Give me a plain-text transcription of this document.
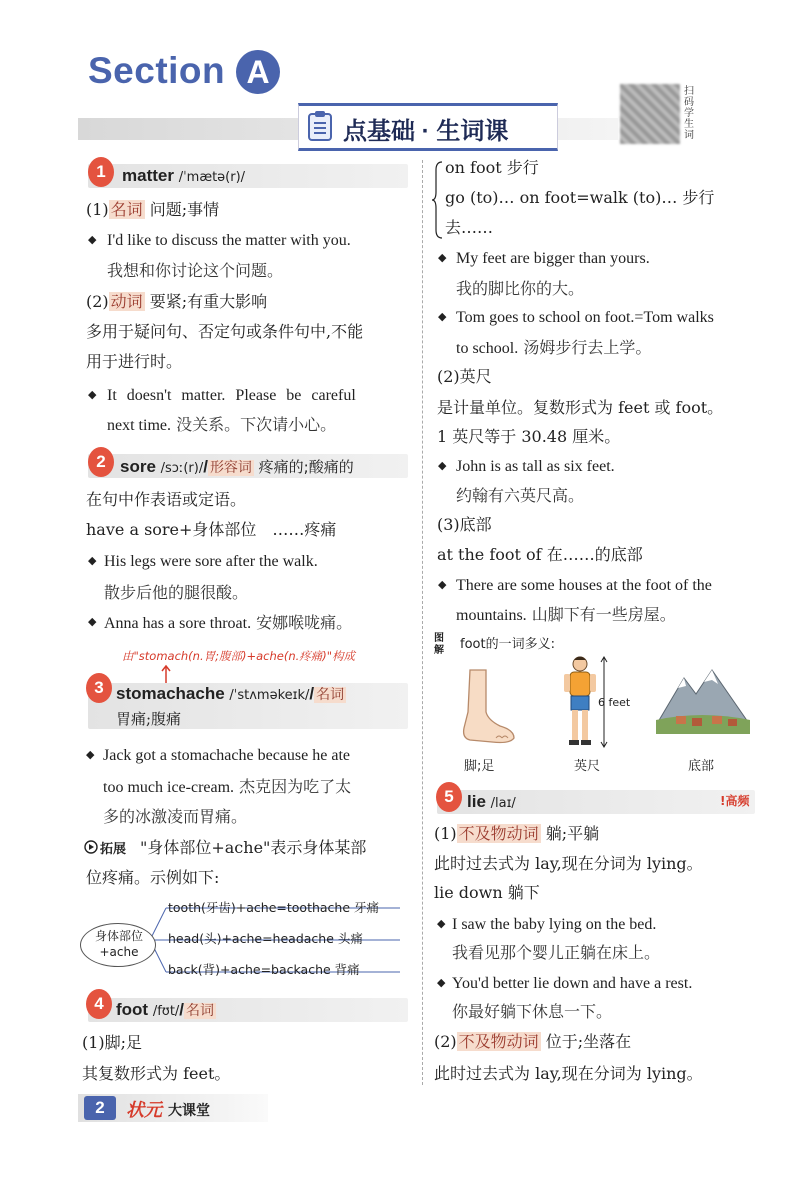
Section A
点基础 · 生词课
扫码学生词
1 matter /ˈmætə(r)/
(1) 名词 问题;事情
◆ I'd like to discuss the matter with you.
我想和你讨论这个问题。
(2) 动词 要紧;有重大影响
多用于疑问句、否定句或条件句中,不能
用于进行时。
◆ It doesn't matter. Please be careful
next time. 没关系。下次请小心。
2 sore /sɔː(r)// 形容词 疼痛的;酸痛的
在句中作表语或定语。
have a sore+身体部位　……疼痛
◆ His legs were sore after the walk.
散步后他的腿很酸。
◆ Anna has a sore throat. 安娜喉咙痛。
由"stomach(n.胃;腹部)+ache(n.疼痛)"构成
3 stomachache /ˈstʌməkeɪk// 名词
胃痛;腹痛
◆ Jack got a stomachache because he ate
too much ice-cream. 杰克因为吃了太
多的冰激凌而胃痛。
拓展 "身体部位+ache"表示身体某部
位疼痛。示例如下:
身体部位+ache
tooth(牙齿)+ache=toothache 牙痛
head(头)+ache=headache 头痛
back(背)+ache=backache 背痛
4 foot /fʊt// 名词
(1)脚;足
其复数形式为 feet。
on foot 步行
go (to)… on foot=walk (to)… 步行
去……
◆ My feet are bigger than yours.
我的脚比你的大。
◆ Tom goes to school on foot.=Tom walks
to school. 汤姆步行去上学。
(2)英尺
是计量单位。复数形式为 feet 或 foot。
1 英尺等于 30.48 厘米。
◆ John is as tall as six feet.
约翰有六英尺高。
(3)底部
at the foot of 在……的底部
◆ There are some houses at the foot of the
mountains. 山脚下有一些房屋。
图解 foot的一词多义:
6 feet
脚;足	英尺	底部
5 lie /laɪ/	!高频
(1) 不及物动词 躺;平躺
此时过去式为 lay,现在分词为 lying。
lie down 躺下
◆ I saw the baby lying on the bed.
我看见那个婴儿正躺在床上。
◆ You'd better lie down and have a rest.
你最好躺下休息一下。
(2) 不及物动词 位于;坐落在
此时过去式为 lay,现在分词为 lying。
2	状元 大课堂
